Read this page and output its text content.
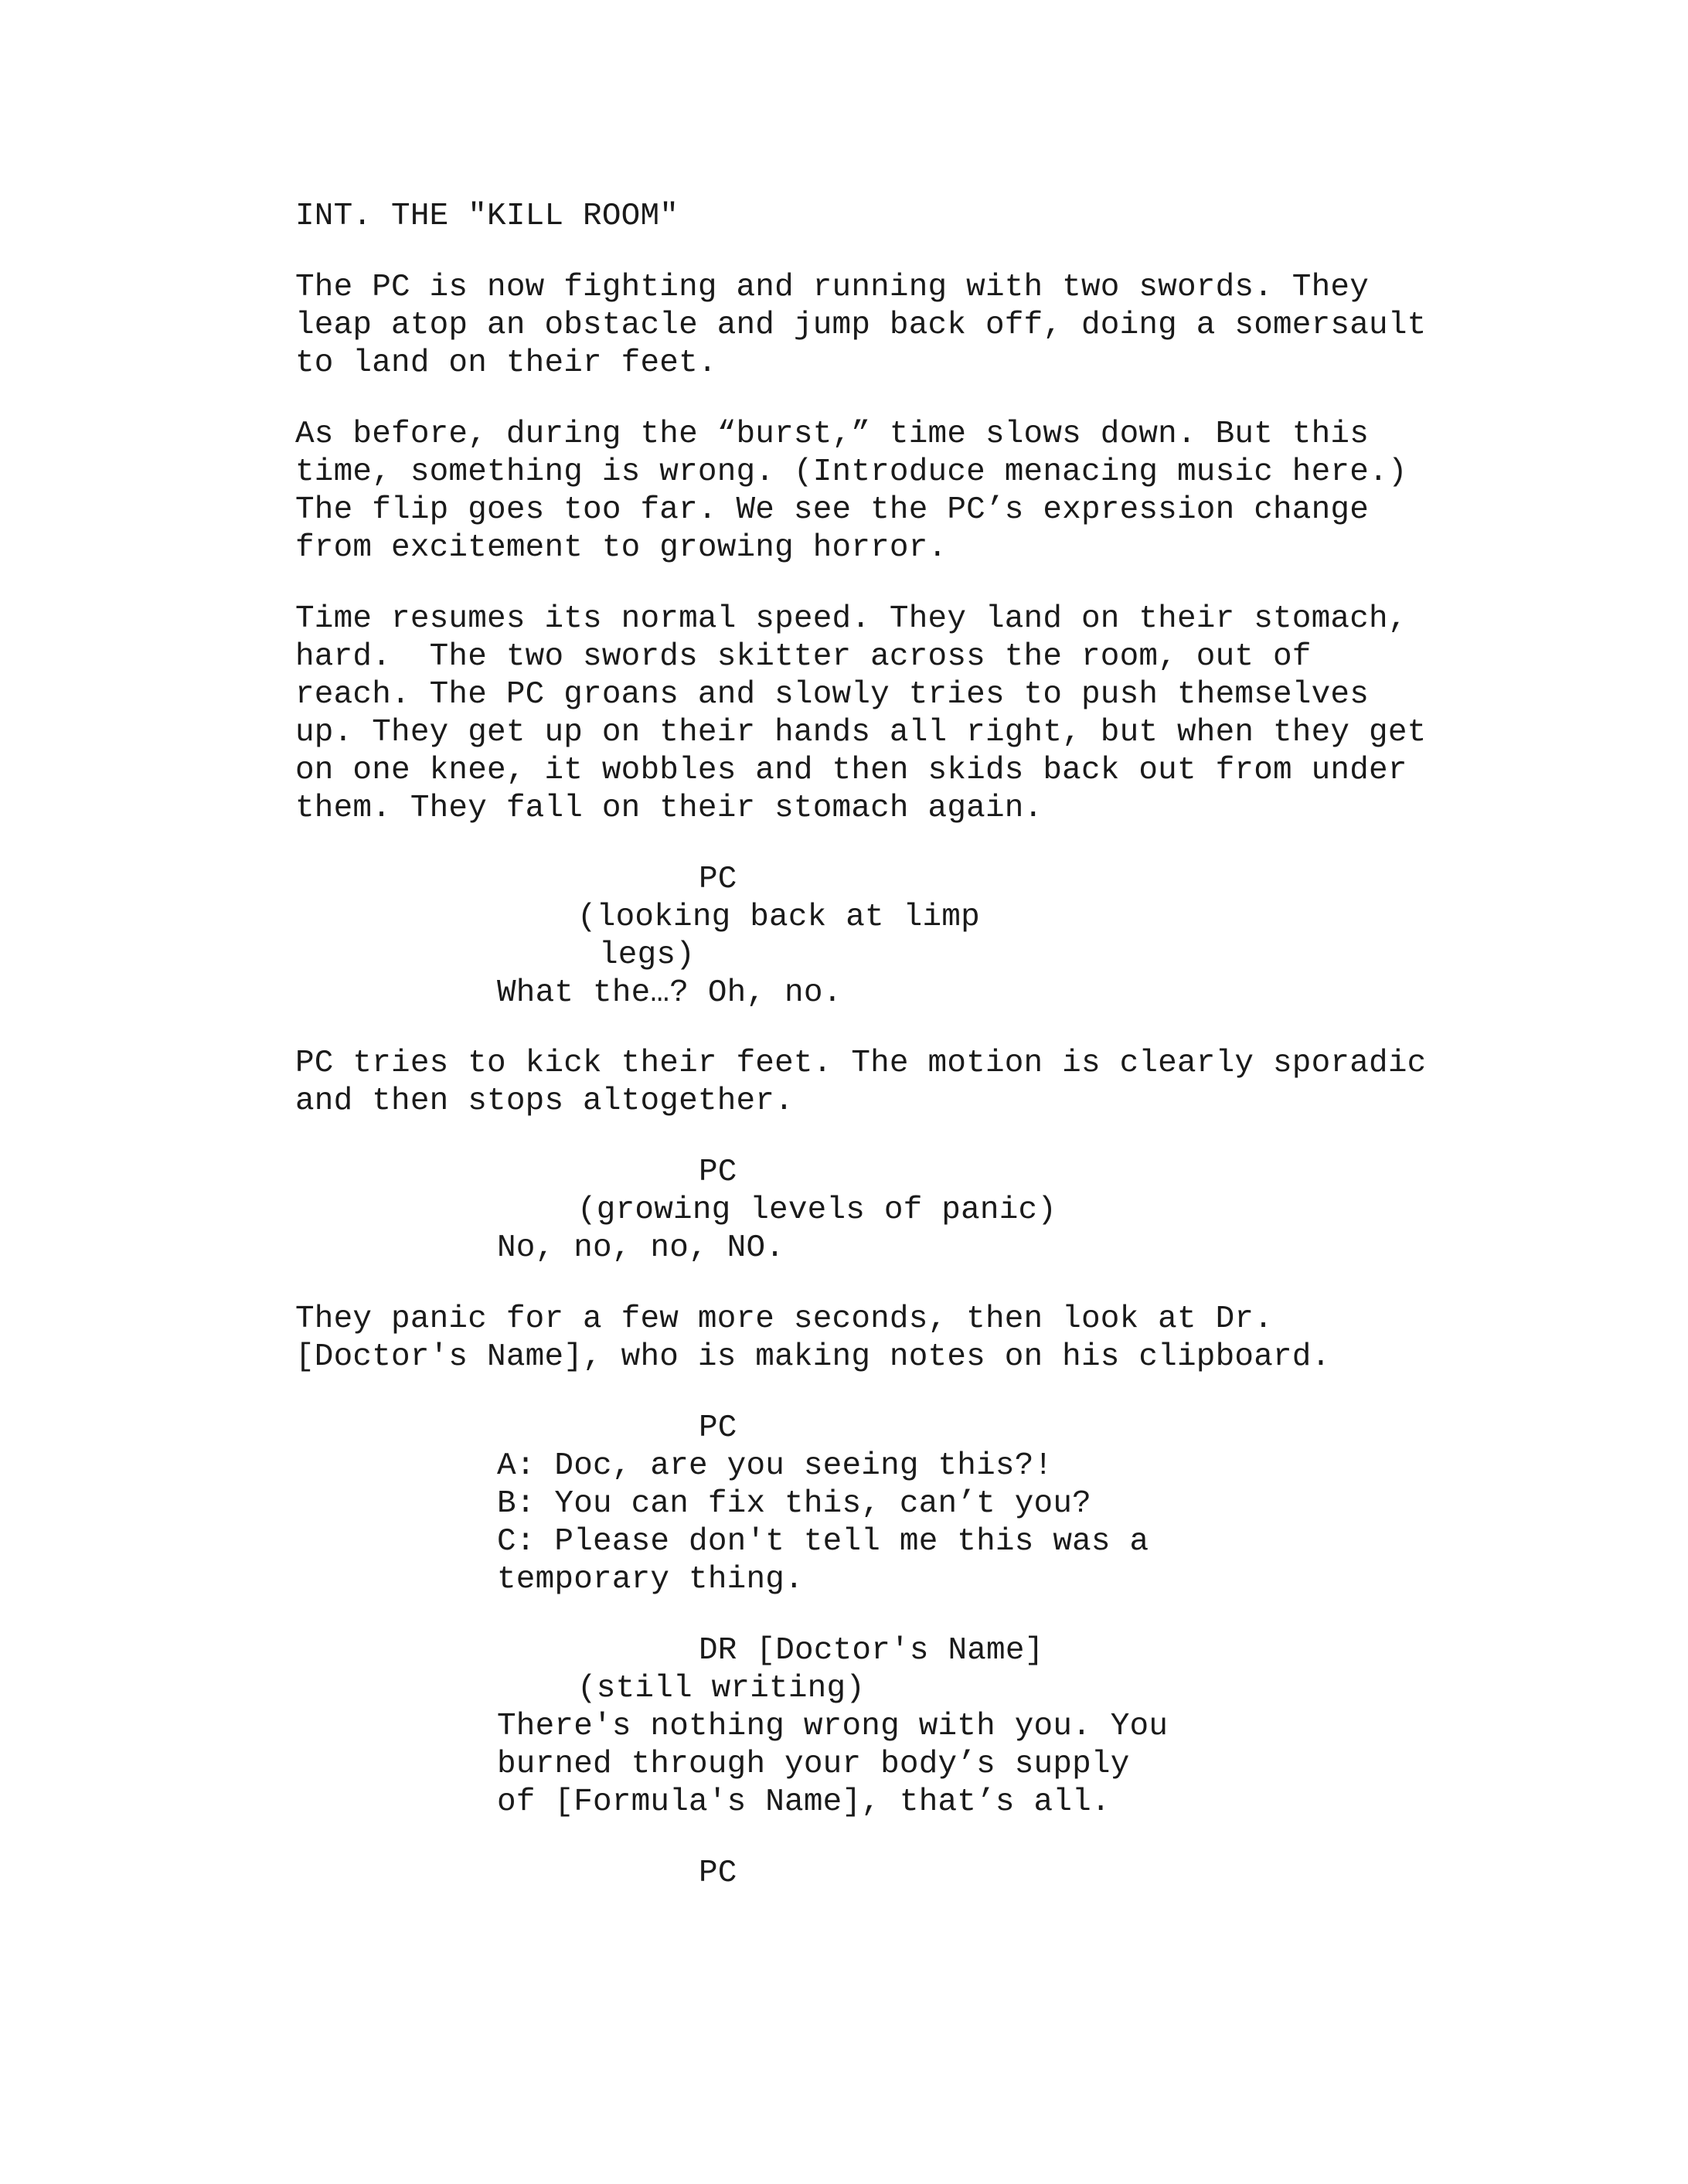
INT. THE "KILL ROOM"

The PC is now fighting and running with two swords. They

leap atop an obstacle and jump back off, doing a somersault

to land on their feet.

As before, during the “burst,” time slows down. But this

time, something is wrong. (Introduce menacing music here.)

The flip goes too far. We see the PC’s expression change

from excitement to growing horror.

Time resumes its normal speed. They land on their stomach,

hard.  The two swords skitter across the room, out of

reach. The PC groans and slowly tries to push themselves

up. They get up on their hands all right, but when they get

on one knee, it wobbles and then skids back out from under

them. They fall on their stomach again.

PC

(looking back at limp

legs)

What the…? Oh, no.

PC tries to kick their feet. The motion is clearly sporadic

and then stops altogether.

PC

(growing levels of panic)

No, no, no, NO.

They panic for a few more seconds, then look at Dr.

[Doctor's Name], who is making notes on his clipboard.

PC

A: Doc, are you seeing this?!

B: You can fix this, can’t you?

C: Please don't tell me this was a

temporary thing.

DR [Doctor's Name]

(still writing)

There's nothing wrong with you. You

burned through your body’s supply

of [Formula's Name], that’s all.

PC
